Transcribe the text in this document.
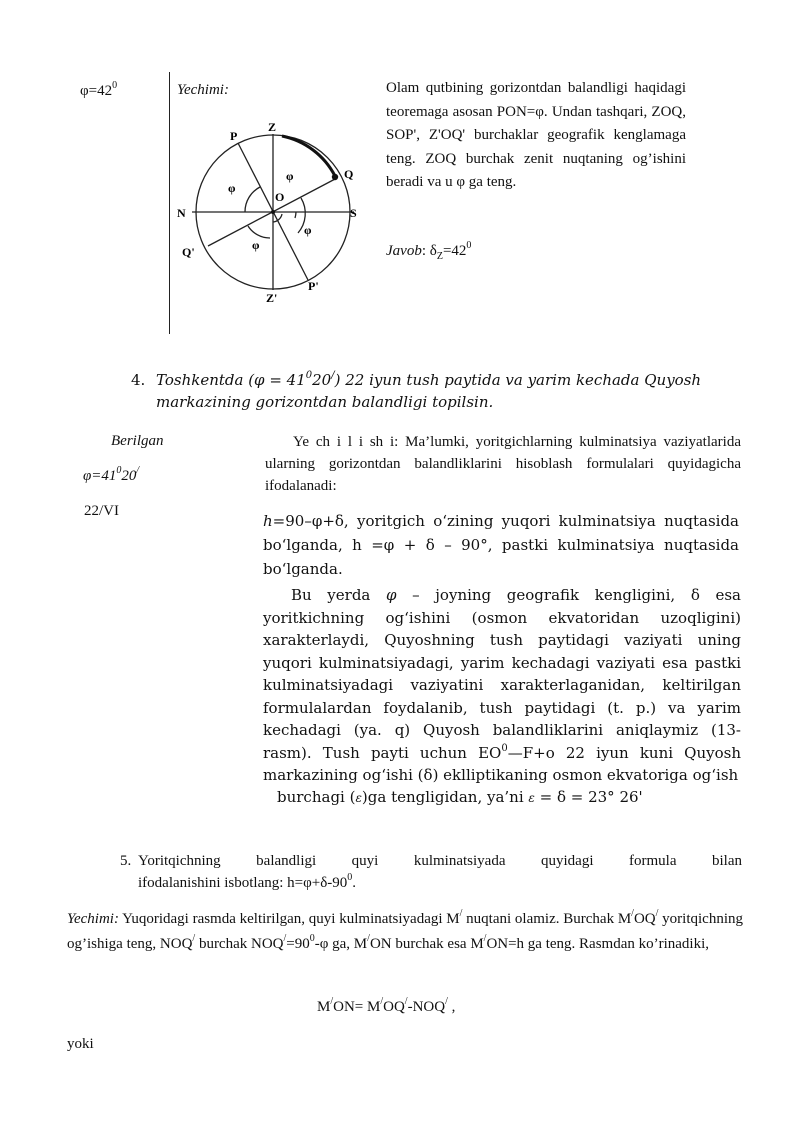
$\varphi=42^0$	Yechimi:
P
Z
Q
O
N	S
Q'
Z'
P'
φ
φ
φ
φ
Olam qutbining gorizontdan balandligi haqidagi teoremaga asosan PON=φ. Undan tashqari, ZOQ, SOP', Z'OQ' burchaklar geografik kenglamaga teng. ZOQ burchak zenit nuqtaning og’ishini beradi va u φ ga teng.
Javob: $\delta_Z=42^0$
4. Toshkentda $(\varphi = 41^020^/)$ 22 iyun tush paytida va yarim kechada Quyosh
markazining gorizontdan balandligi topilsin.
Berilgan
$\varphi=41^020^/$
22/VI
Ye ch i l i sh i: Ma’lumki, yoritgichlarning kulminatsiya vaziyatlarida ularning gorizontdan balandliklarini hisoblash formulalari quyidagicha ifodalanadi:
h=90–φ+δ, yoritgich o‘zining yuqori kulminatsiya nuqtasida
bo‘lganda, h =φ + δ – 90°, pastki kulminatsiya nuqtasida
bo‘lganda.
Bu yerda φ – joyning geografik kengligini, δ esa yoritkichning og‘ishini (osmon ekvatoridan uzoqligini) xarakterlaydi, Quyoshning tush paytidagi vaziyati uning yuqori kulminatsiyadagi, yarim kechadagi vaziyati esa pastki kulminatsiyadagi vaziyatini xarakterlaganidan, keltirilgan formulalardan foydalanib, tush paytidagi (t. p.) va yarim kechadagi (ya. q) Quyosh balandliklarini aniqlaymiz (13-rasm). Tush payti uchun $EO^0—F+o$ 22 iyun kuni Quyosh markazining og‘ishi (δ) eklliptikaning osmon ekvatoriga og‘ish
burchagi (ε)ga tengligidan, ya’ni ε = δ = 23° 26'
5. Yoritqichning balandligi quyi kulminatsiyada quyidagi formula bilan
ifodalanishini isbotlang: $h=\varphi+\delta-90^0$.
Yechimi: Yuqoridagi rasmda keltirilgan, quyi kulminatsiyadagi M/ nuqtani olamiz. Burchak M/OQ/ yoritqichning og’ishiga teng, NOQ/ burchak $NOQ^/=90^0-\varphi$ ga, M/ON burchak esa M/ON=h ga teng. Rasmdan ko’rinadiki,
M/ON= M/OQ/-NOQ/ ,
yoki
